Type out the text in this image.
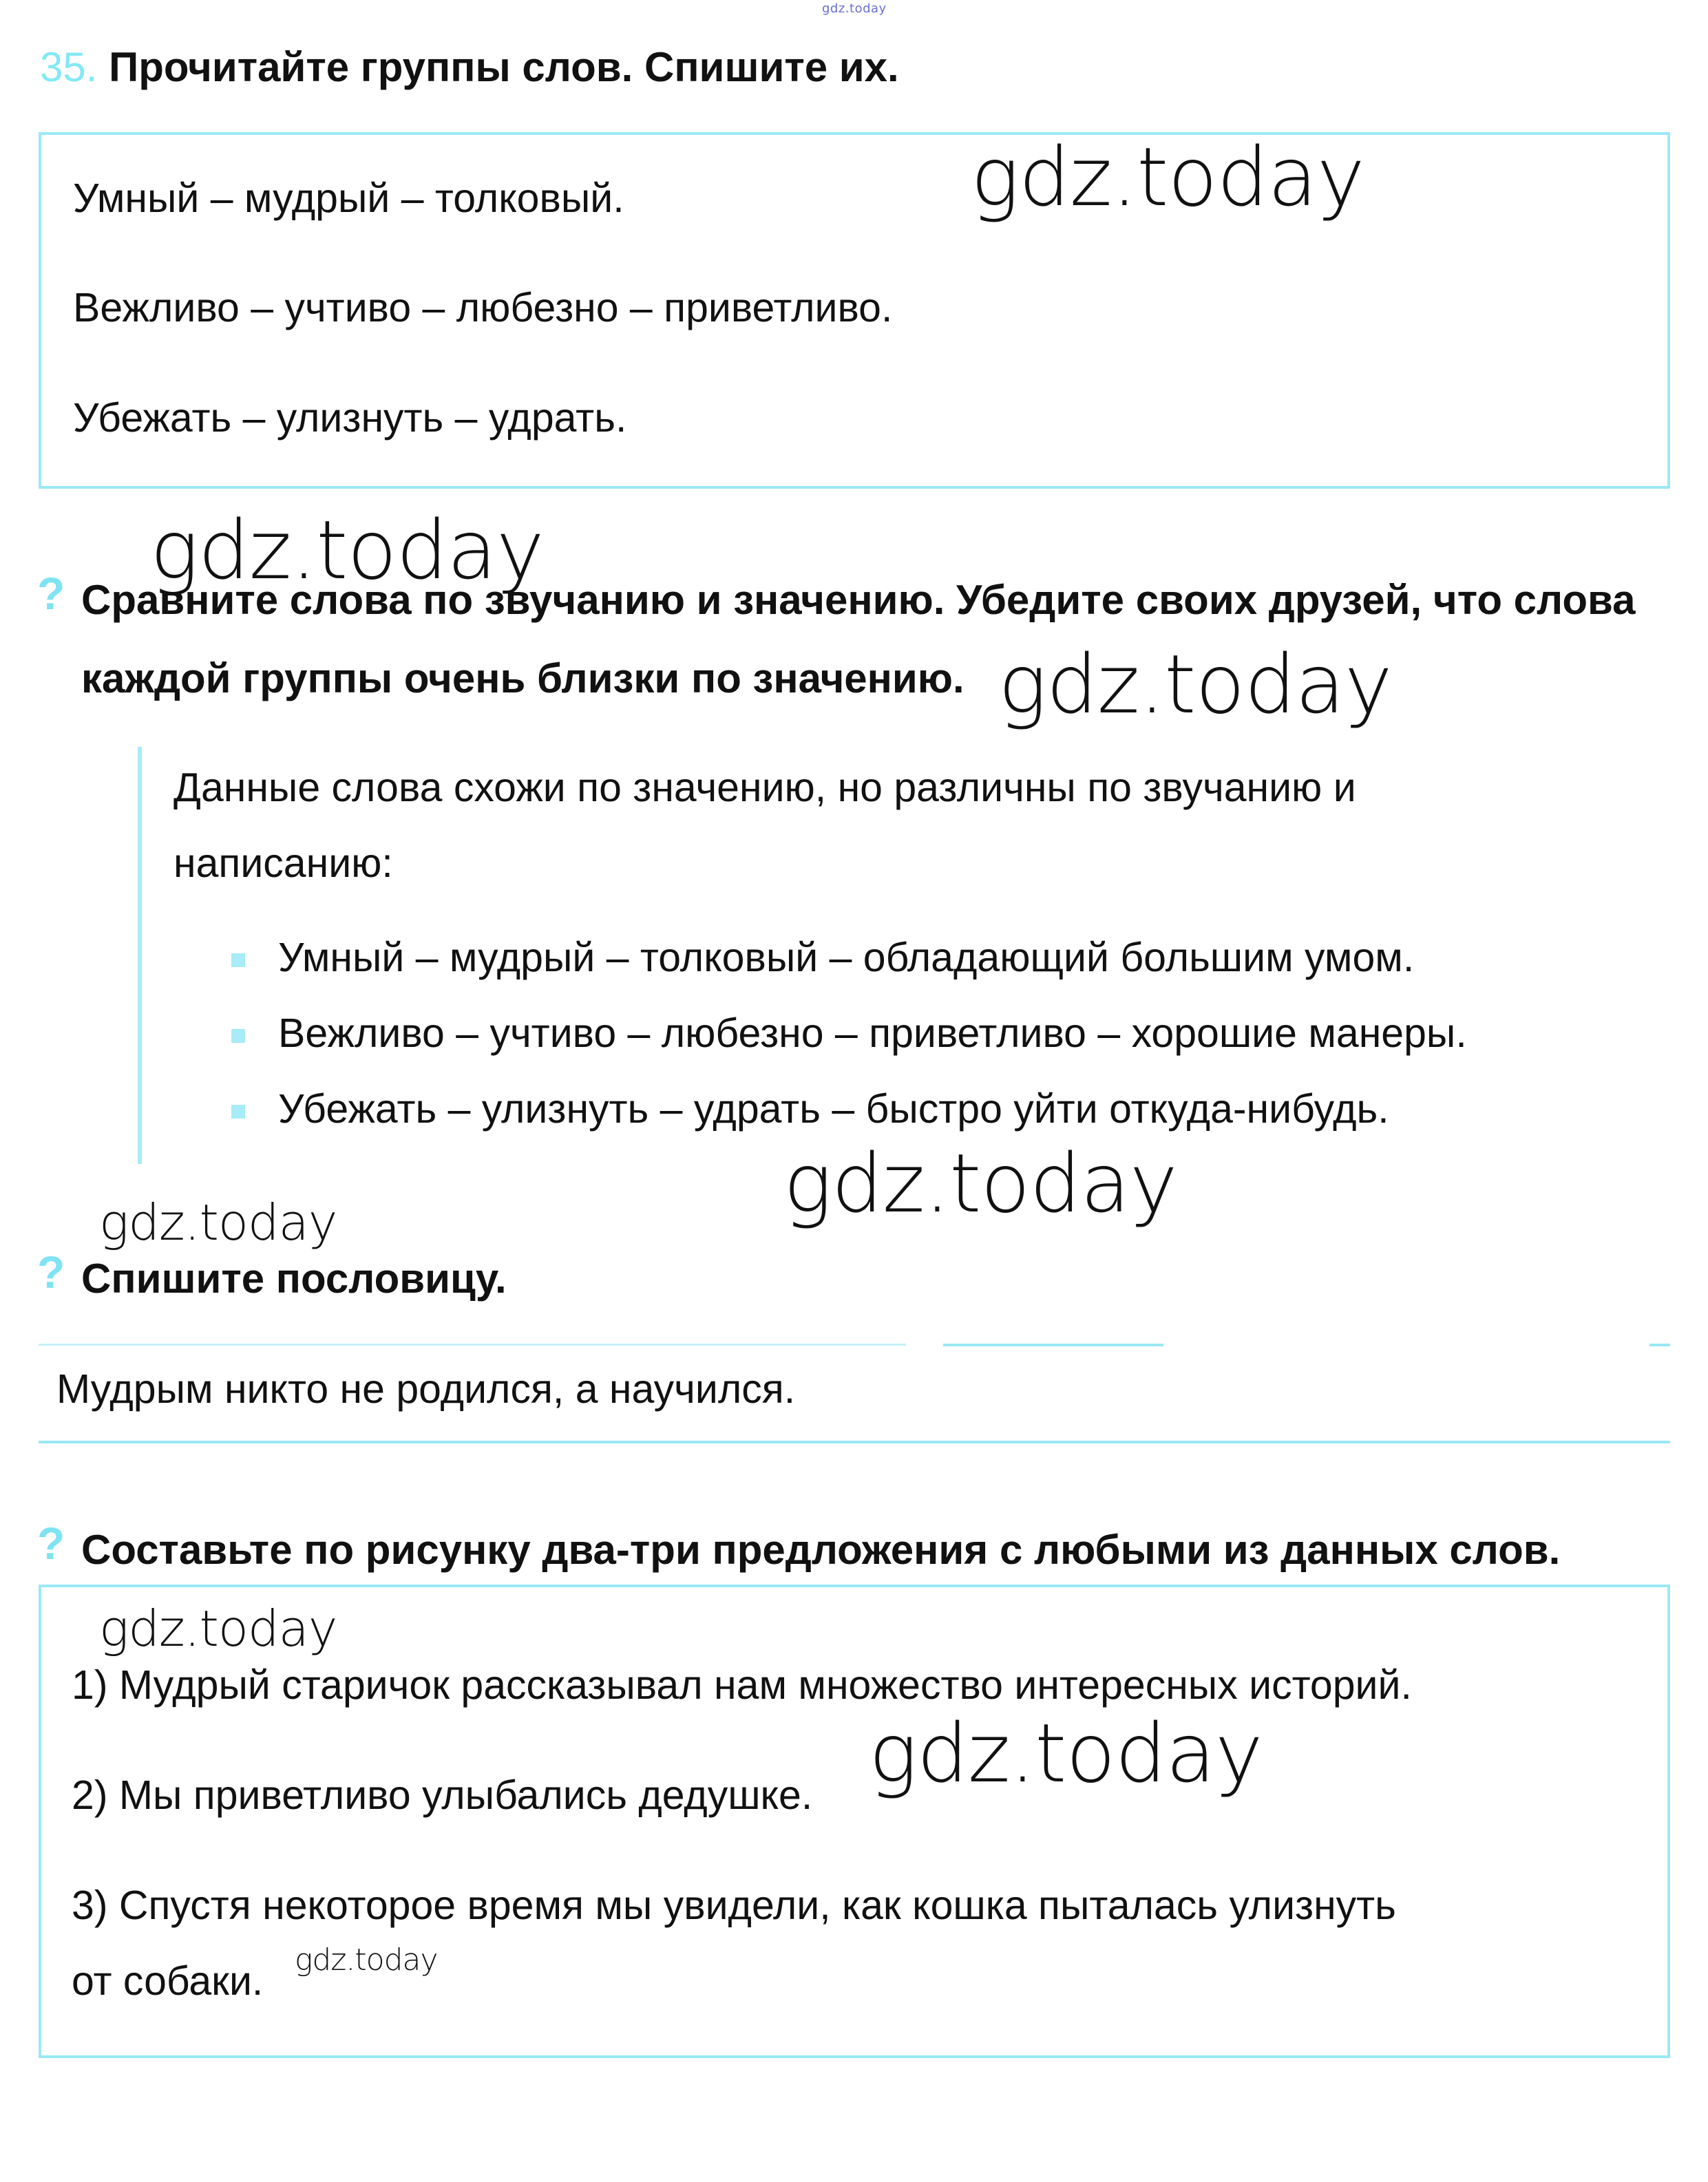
gdz.today
35. Прочитайте группы слов. Спишите их.
Умный – мудрый – толковый.
Вежливо – учтиво – любезно – приветливо.
Убежать – улизнуть – удрать.
? Сравните слова по звучанию и значению. Убедите своих друзей, что слова
каждой группы очень близки по значению.
Данные слова схожи по значению, но различны по звучанию и
написанию:
Умный – мудрый – толковый – обладающий большим умом.
Вежливо – учтиво – любезно – приветливо – хорошие манеры.
Убежать – улизнуть – удрать – быстро уйти откуда-нибудь.
? Спишите пословицу.
Мудрым никто не родился, а научился.
? Составьте по рисунку два-три предложения с любыми из данных слов.
1) Мудрый старичок рассказывал нам множество интересных историй.
2) Мы приветливо улыбались дедушке.
3) Спустя некоторое время мы увидели, как кошка пыталась улизнуть
от собаки.
gdz.today
gdz.today
gdz.today
gdz.today
gdz.today
gdz.today
gdz.today
gdz.today
